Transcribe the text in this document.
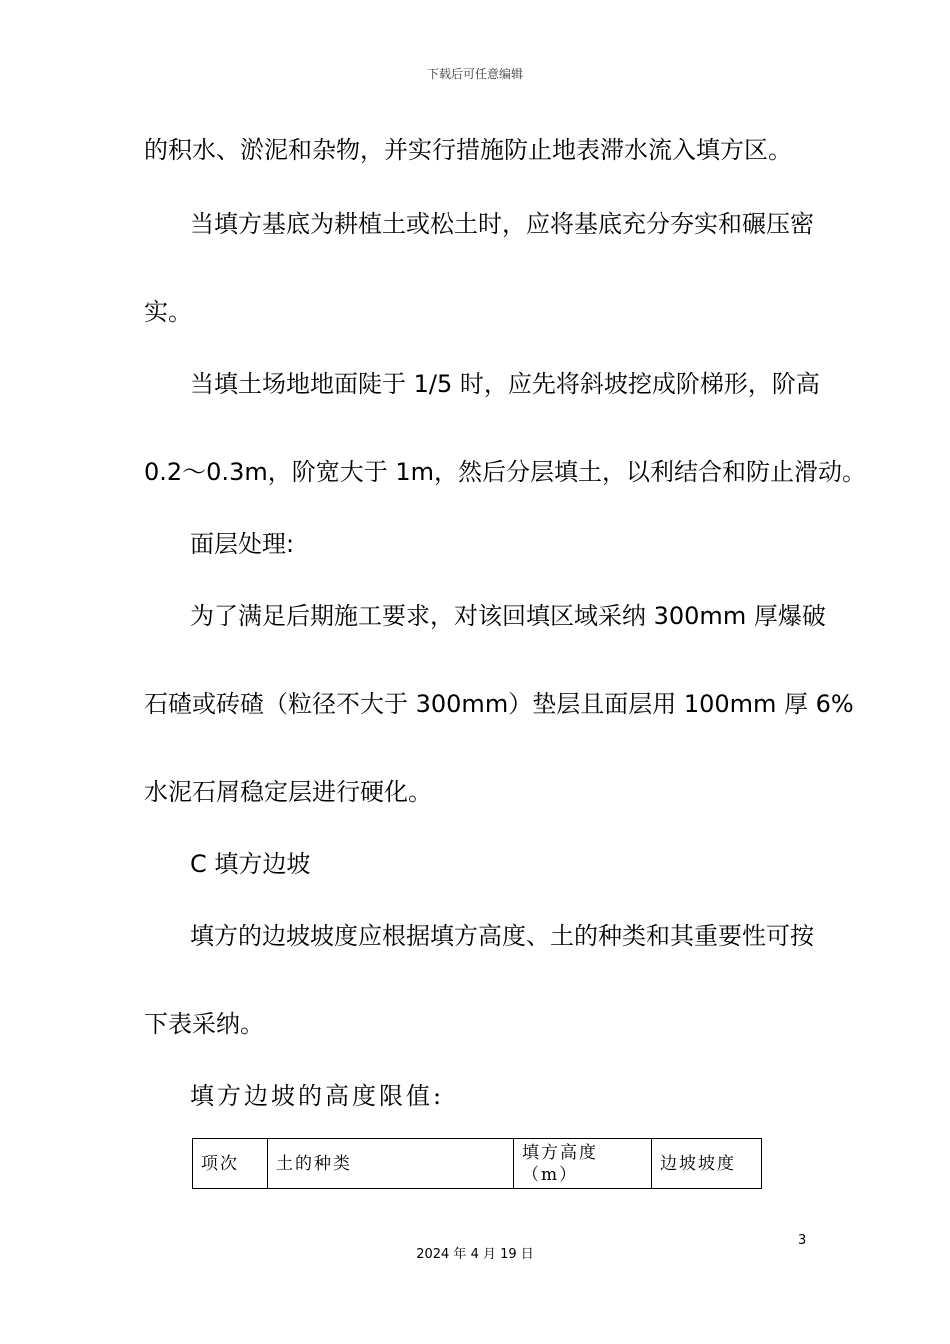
下载后可任意编辑
的积水、淤泥和杂物，并实行措施防止地表滞水流入填方区。
当填方基底为耕植土或松土时，应将基底充分夯实和碾压密
实。
当填土场地地面陡于 1/5 时，应先将斜坡挖成阶梯形，阶高
0.2～0.3m，阶宽大于 1m，然后分层填土，以利结合和防止滑动。
面层处理:
为了满足后期施工要求，对该回填区域采纳 300mm 厚爆破
石碴或砖碴（粒径不大于 300mm）垫层且面层用 100mm 厚 6%
水泥石屑稳定层进行硬化。
C 填方边坡
填方的边坡坡度应根据填方高度、土的种类和其重要性可按
下表采纳。
填方边坡的高度限值:
项次	土的种类	填方高度（m）	边坡坡度
3
2024 年 4 月 19 日
